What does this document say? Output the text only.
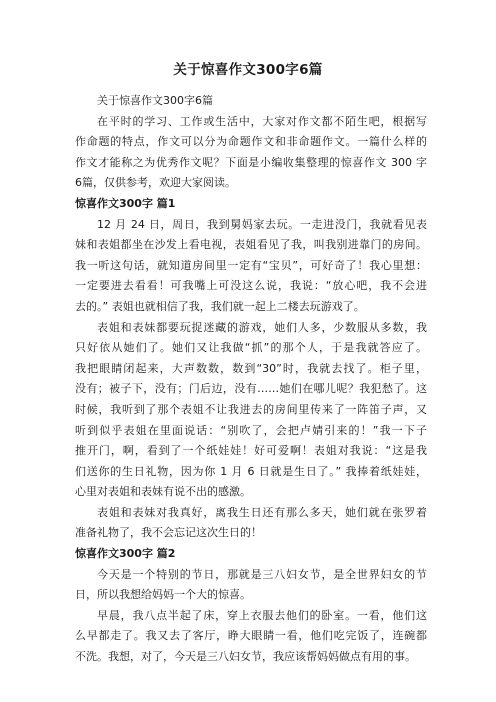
关于惊喜作文300字6篇
关于惊喜作文300字6篇
在平时的学习、工作或生活中，大家对作文都不陌生吧，根据写
作命题的特点，作文可以分为命题作文和非命题作文。一篇什么样的
作文才能称之为优秀作文呢？下面是小编收集整理的惊喜作文 300 字
6篇，仅供参考，欢迎大家阅读。
惊喜作文300字 篇1
12 月 24 日，周日，我到舅妈家去玩。一走进没门，我就看见表
妹和表姐都坐在沙发上看电视，表姐看见了我，叫我别进靠门的房间。
我一听这句话，就知道房间里一定有“宝贝”，可好奇了！我心里想：
一定要进去看看！可我嘴上可没这么说，我说：“放心吧，我不会进
去的。” 表姐也就相信了我，我们就一起上二楼去玩游戏了。
表姐和表妹都要玩捉迷藏的游戏，她们人多，少数服从多数，我
只好依从她们了。她们又让我做“抓”的那个人，于是我就答应了。
我把眼睛闭起来，大声数数，数到“30”时，我就去找了。柜子里，
没有；被子下，没有；门后边，没有……她们在哪儿呢？我犯愁了。这
时候，我听到了那个表姐不让我进去的房间里传来了一阵笛子声，又
听到似乎表姐在里面说话：“别吹了，会把卢婧引来的！”我一下子
推开门，啊，看到了一个纸娃娃！好可爱啊！表姐对我说：“这是我
们送你的生日礼物，因为你 1 月 6 日就是生日了。” 我捧着纸娃娃，
心里对表姐和表妹有说不出的感激。
表姐和表妹对我真好，离我生日还有那么多天，她们就在张罗着
准备礼物了，我不会忘记这次生日的！
惊喜作文300字 篇2
今天是一个特别的节日，那就是三八妇女节，是全世界妇女的节
日，所以我想给妈妈一个大的惊喜。
早晨，我八点半起了床，穿上衣服去他们的卧室。一看，他们这
么早都走了。我又去了客厅，睁大眼睛一看，他们吃完饭了，连碗都
不洗。我想，对了，今天是三八妇女节，我应该帮妈妈做点有用的事。
